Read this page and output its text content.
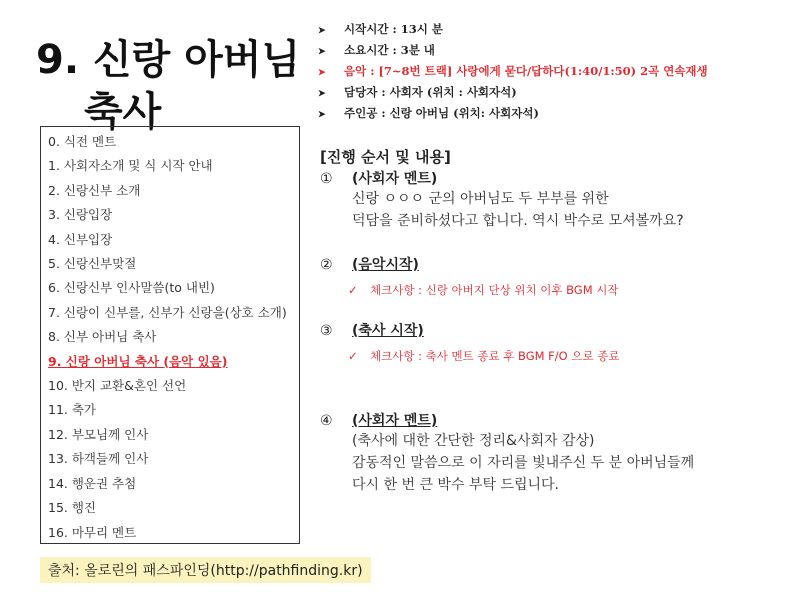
9. 신랑 아버님
축사
➤ 시작시간 : 13시 분
➤ 소요시간 : 3분 내
➤ 음악 : [7~8번 트랙] 사랑에게 묻다/답하다(1:40/1:50) 2곡 연속재생
➤ 담당자 : 사회자 (위치 : 사회자석)
➤ 주인공 : 신랑 아버님 (위치: 사회자석)
0. 식전 멘트
1. 사회자소개 및 식 시작 안내
2. 신랑신부 소개
3. 신랑입장
4. 신부입장
5. 신랑신부맞절
6. 신랑신부 인사말씀(to 내빈)
7. 신랑이 신부를, 신부가 신랑을(상호 소개)
8. 신부 아버님 축사
9. 신랑 아버님 축사 (음악 있음)
10. 반지 교환&혼인 선언
11. 축가
12. 부모님께 인사
13. 하객들께 인사
14. 행운권 추첨
15. 행진
16. 마무리 멘트
[진행 순서 및 내용]
① (사회자 멘트)
신랑 ㅇㅇㅇ 군의 아버님도 두 부부를 위한
덕담을 준비하셨다고 합니다. 역시 박수로 모셔볼까요?
② (음악시작)
✓ 체크사항 : 신랑 아버지 단상 위치 이후 BGM 시작
③ (축사 시작)
✓ 체크사항 : 축사 멘트 종료 후 BGM F/O 으로 종료
④ (사회자 멘트)
(축사에 대한 간단한 정리&사회자 감상)
감동적인 말씀으로 이 자리를 빛내주신 두 분 아버님들께
다시 한 번 큰 박수 부탁 드립니다.
출처: 올로린의 패스파인딩(http://pathfinding.kr)
